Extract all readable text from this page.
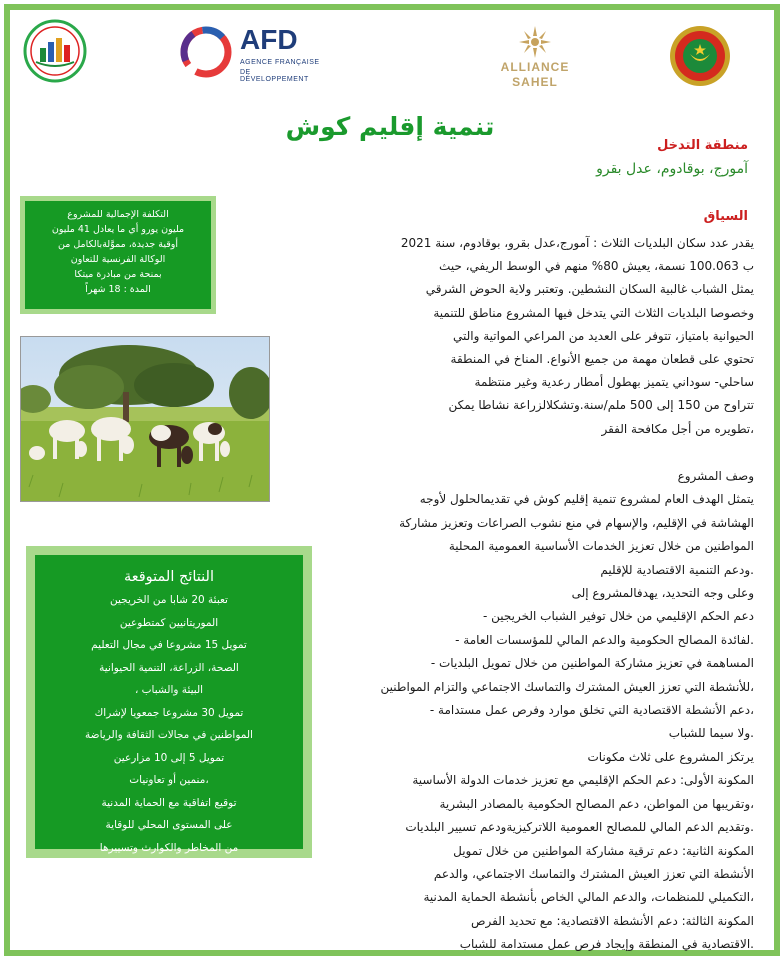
ALLIANCE
SAHEL
AFD
AGENCE FRANÇAISE
DE DÉVELOPPEMENT
تنمية إقليم كوش
منطقة التدخل
آمورج، بوقادوم، عدل بقرو
التكلفة الإجمالية للمشروع
مليون يورو أي ما يعادل 41 مليون
أوقية جديدة، مموَّلةبالكامل من
الوكالة الفرنسية للتعاون
بمنحة من مبادرة ميتكا
المدة : 18 شهراً
النتائج المتوقعة
تعبئة 20 شابا من الخريجين
الموريتانيين كمتطوعين
تمويل 15 مشروعا في مجال التعليم
الصحة، الزراعة، التنمية الحيوانية
البيئة والشباب ،
تمويل 30 مشروعا جمعويا لإشراك
المواطنين في مجالات الثقافة والرياضة
تمويل 5 إلى 10 مزارعين
،منمين أو تعاونيات
توقيع اتفاقية مع الحماية المدنية
على المستوى المحلي للوقاية
من المخاطر والكوارث وتسييرها
السياق
يقدر عدد سكان البلديات الثلاث : آمورج،عدل بقرو، بوقادوم، سنة 2021
ب 100.063 نسمة، يعيش 80% منهم في الوسط الريفي، حيث
يمثل الشباب غالبية السكان النشطين. وتعتبر ولاية الحوض الشرقي
وخصوصا البلديات الثلاث التي يتدخل فيها المشروع مناطق للتنمية
الحيوانية بامتياز، تتوفر على العديد من المراعي المواتية والتي
تحتوي على قطعان مهمة من جميع الأنواع. المناخ في المنطقة
ساحلي- سوداني يتميز بهطول أمطار رعدية وغير منتظمة
تتراوح من 150 إلى 500 ملم/سنة.وتشكلالزراعة نشاطا يمكن
،تطويره من أجل مكافحة الفقر
وصف المشروع
يتمثل الهدف العام لمشروع تنمية إقليم كوش في تقديمالحلول لأوجه
الهشاشة في الإقليم، والإسهام في منع نشوب الصراعات وتعزيز مشاركة
المواطنين من خلال تعزيز الخدمات الأساسية العمومية المحلية
.ودعم التنمية الاقتصادية للإقليم
وعلى وجه التحديد، يهدفالمشروع إلى
دعم الحكم الإقليمي من خلال توفير الشباب الخريجين -
.لفائدة المصالح الحكومية والدعم المالي للمؤسسات العامة -
المساهمة في تعزيز مشاركة المواطنين من خلال تمويل البلديات -
،للأنشطة التي تعزز العيش المشترك والتماسك الاجتماعي والتزام المواطنين
،دعم الأنشطة الاقتصادية التي تخلق موارد وفرص عمل مستدامة -
.ولا سيما للشباب
يرتكز المشروع على ثلاث مكونات
المكونة الأولى: دعم الحكم الإقليمي مع تعزيز خدمات الدولة الأساسية
،وتقريبها من المواطن، دعم المصالح الحكومية بالمصادر البشرية
.وتقديم الدعم المالي للمصالح العمومية اللاتركيزيةودعم تسيير البلديات
المكونة الثانية: دعم ترقية مشاركة المواطنين من خلال تمويل
الأنشطة التي تعزز العيش المشترك والتماسك الاجتماعي، والدعم
،التكميلي للمنظمات، والدعم المالي الخاص بأنشطة الحماية المدنية
المكونة الثالثة: دعم الأنشطة الاقتصادية: مع تحديد الفرص
.الاقتصادية في المنطقة وإيجاد فرص عمل مستدامة للشباب
